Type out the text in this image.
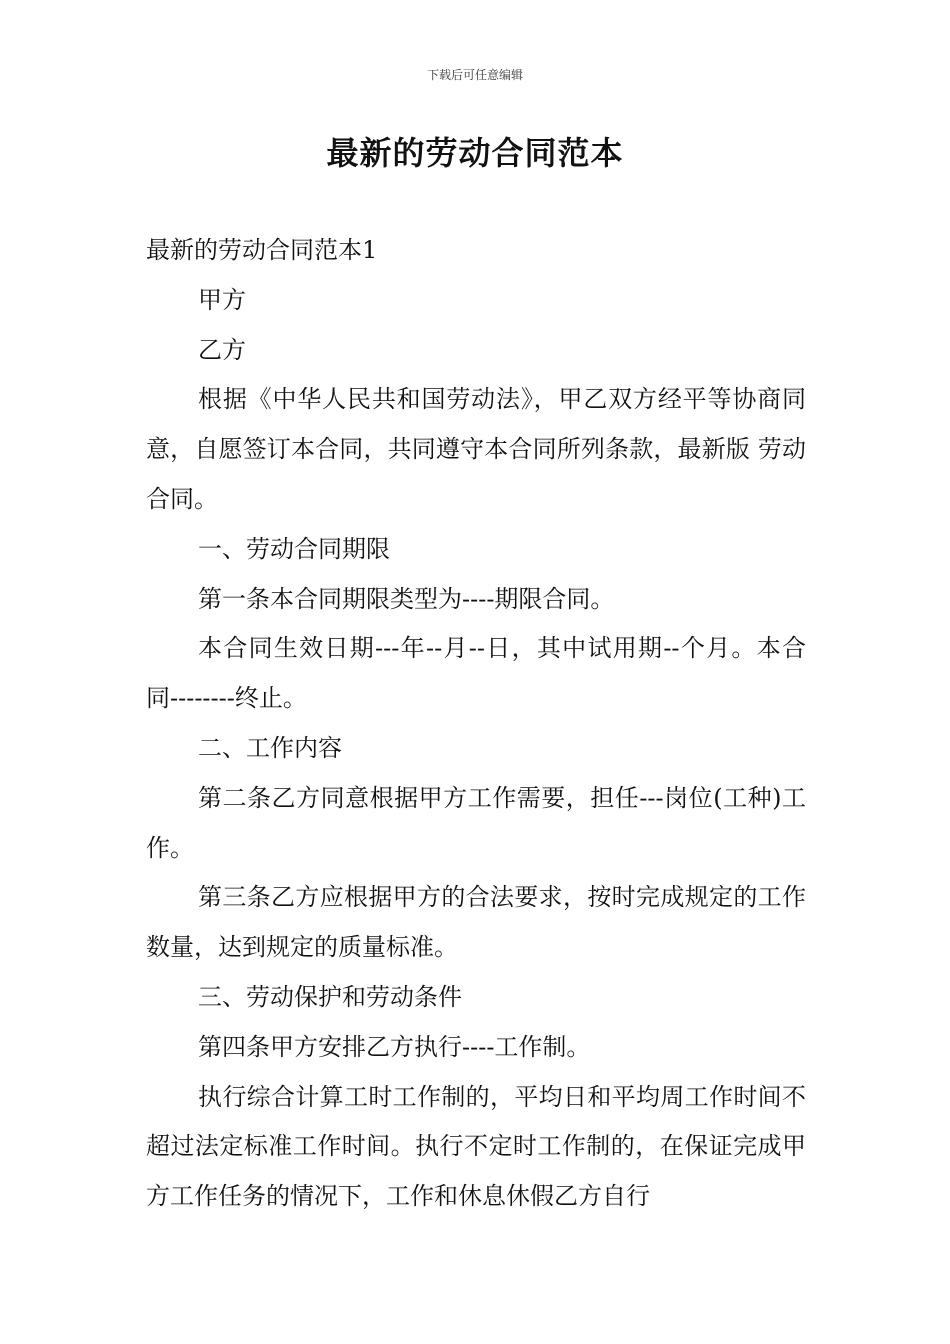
下载后可任意编辑
最新的劳动合同范本

最新的劳动合同范本1

甲方

乙方

根据《中华人民共和国劳动法》，甲乙双方经平等协商同意，自愿签订本合同，共同遵守本合同所列条款，最新版 劳动合同。

一、劳动合同期限

第一条本合同期限类型为----期限合同。

本合同生效日期---年--月--日，其中试用期--个月。本合同--------终止。

二、工作内容

第二条乙方同意根据甲方工作需要，担任---岗位(工种)工作。

第三条乙方应根据甲方的合法要求，按时完成规定的工作数量，达到规定的质量标准。

三、劳动保护和劳动条件

第四条甲方安排乙方执行----工作制。

执行综合计算工时工作制的，平均日和平均周工作时间不超过法定标准工作时间。执行不定时工作制的，在保证完成甲方工作任务的情况下，工作和休息休假乙方自行
